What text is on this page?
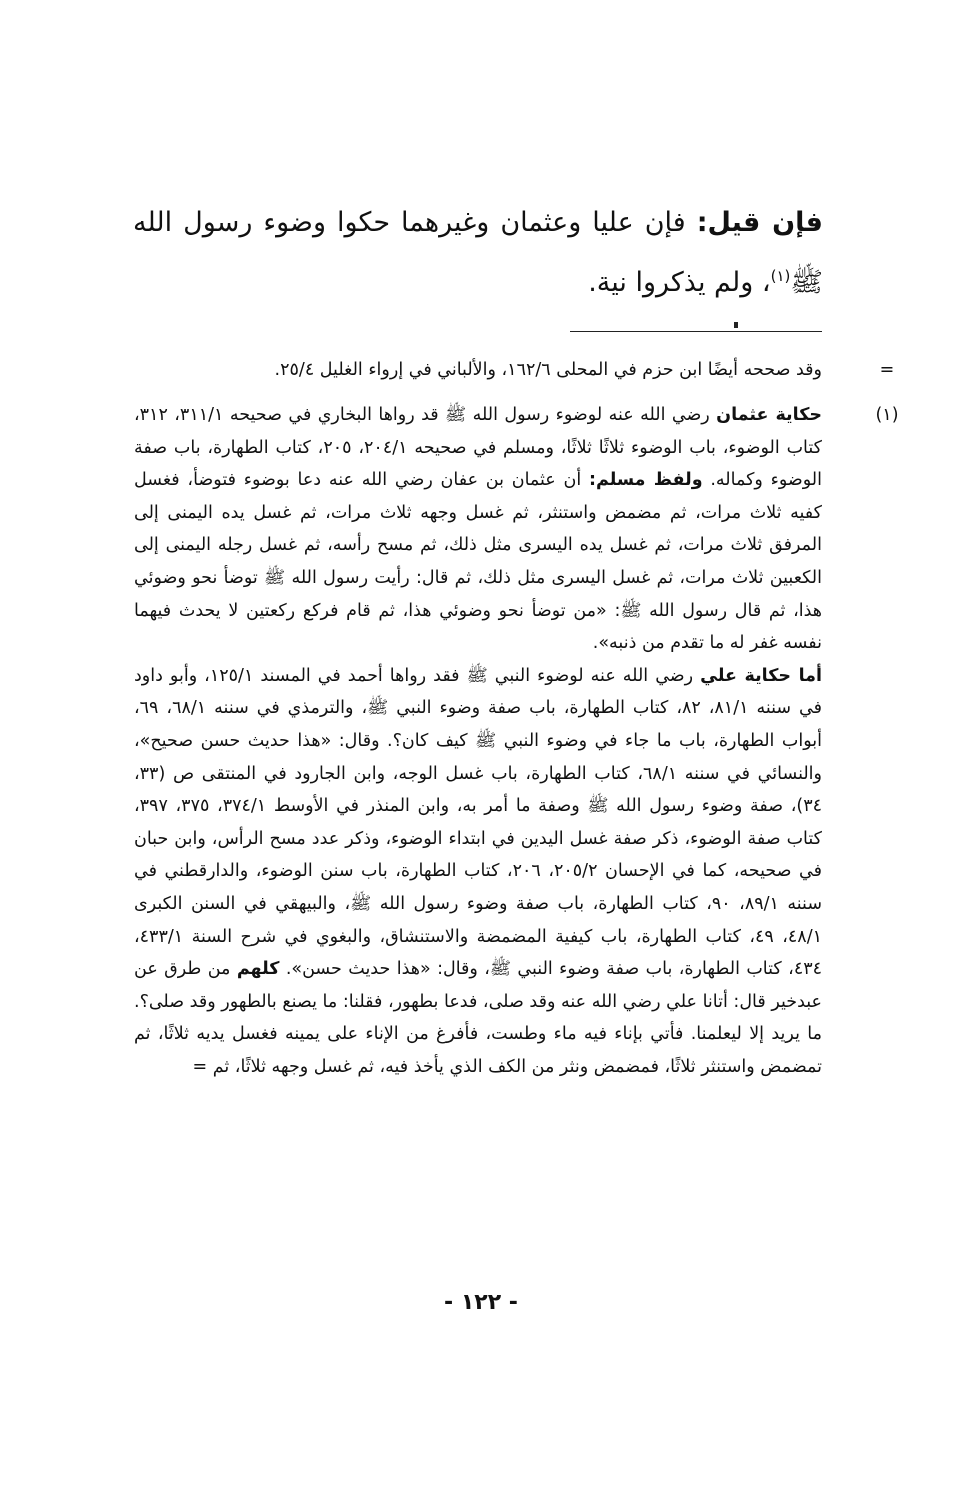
فإن قيل: فإن عليا وعثمان وغيرهما حكوا وضوء رسول الله ﷺ$^{(١)}$، ولم يذكروا نية.

=

وقد صححه أيضًا ابن حزم في المحلى ١٦٢/٦، والألباني في إرواء الغليل ٢٥/٤.

(١)

حكاية عثمان رضي الله عنه لوضوء رسول الله ﷺ قد رواها البخاري في صحيحه ٣١١/١، ٣١٢، كتاب الوضوء، باب الوضوء ثلاثًا ثلاثًا، ومسلم في صحيحه ٢٠٤/١، ٢٠٥، كتاب الطهارة، باب صفة الوضوء وكماله. ولفظ مسلم: أن عثمان بن عفان رضي الله عنه دعا بوضوء فتوضأ، فغسل كفيه ثلاث مرات، ثم مضمض واستنثر، ثم غسل وجهه ثلاث مرات، ثم غسل يده اليمنى إلى المرفق ثلاث مرات، ثم غسل يده اليسرى مثل ذلك، ثم مسح رأسه، ثم غسل رجله اليمنى إلى الكعبين ثلاث مرات، ثم غسل اليسرى مثل ذلك، ثم قال: رأيت رسول الله ﷺ توضأ نحو وضوئي هذا، ثم قال رسول الله ﷺ: «من توضأ نحو وضوئي هذا، ثم قام فركع ركعتين لا يحدث فيهما نفسه غفر له ما تقدم من ذنبه».

أما حكاية علي رضي الله عنه لوضوء النبي ﷺ فقد رواها أحمد في المسند ١٢٥/١، وأبو داود في سننه ٨١/١، ٨٢، كتاب الطهارة، باب صفة وضوء النبي ﷺ، والترمذي في سننه ٦٨/١، ٦٩، أبواب الطهارة، باب ما جاء في وضوء النبي ﷺ كيف كان؟. وقال: «هذا حديث حسن صحيح»، والنسائي في سننه ٦٨/١، كتاب الطهارة، باب غسل الوجه، وابن الجارود في المنتقى ص (٣٣، ٣٤)، صفة وضوء رسول الله ﷺ وصفة ما أمر به، وابن المنذر في الأوسط ٣٧٤/١، ٣٧٥، ٣٩٧، كتاب صفة الوضوء، ذكر صفة غسل اليدين في ابتداء الوضوء، وذكر عدد مسح الرأس، وابن حبان في صحيحه، كما في الإحسان ٢٠٥/٢، ٢٠٦، كتاب الطهارة، باب سنن الوضوء، والدارقطني في سننه ٨٩/١، ٩٠، كتاب الطهارة، باب صفة وضوء رسول الله ﷺ، والبيهقي في السنن الكبرى ٤٨/١، ٤٩، كتاب الطهارة، باب كيفية المضمضة والاستنشاق، والبغوي في شرح السنة ٤٣٣/١، ٤٣٤، كتاب الطهارة، باب صفة وضوء النبي ﷺ، وقال: «هذا حديث حسن». كلهم من طرق عن عبدخير قال: أتانا علي رضي الله عنه وقد صلى، فدعا بطهور، فقلنا: ما يصنع بالطهور وقد صلى؟. ما يريد إلا ليعلمنا. فأتي بإناء فيه ماء وطست، فأفرغ من الإناء على يمينه فغسل يديه ثلاثًا، ثم تمضمض واستنثر ثلاثًا، فمضمض ونثر من الكف الذي يأخذ فيه، ثم غسل وجهه ثلاثًا، ثم =

- ١٢٢ -
